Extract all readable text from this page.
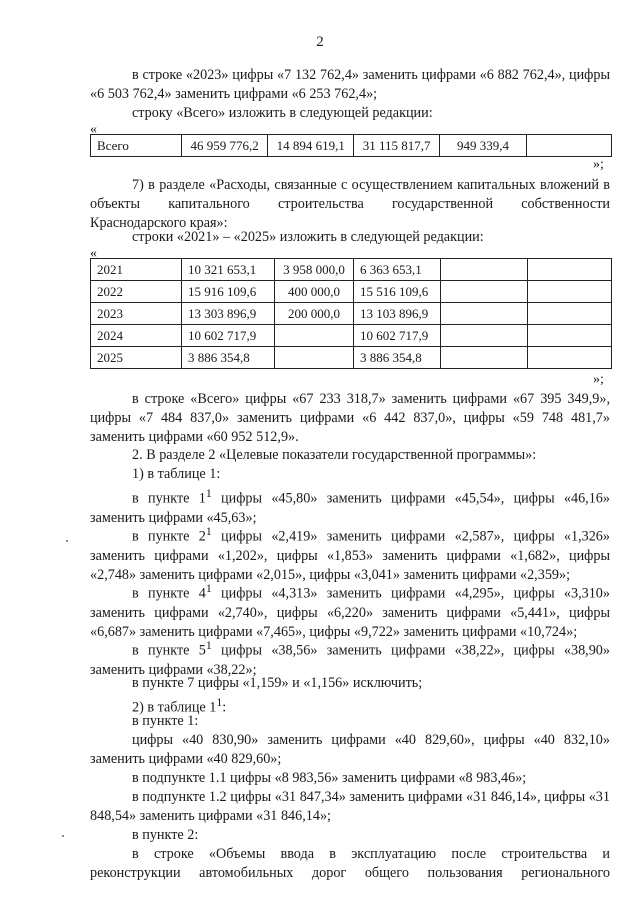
2

в строке «2023» цифры «7 132 762,4» заменить цифрами «6 882 762,4», цифры «6 503 762,4» заменить цифрами «6 253 762,4»;

строку «Всего» изложить в следующей редакции:

«
Всего	46 959 776,2	14 894 619,1	31 115 817,7	949 339,4	
»;

7) в разделе «Расходы, связанные с осуществлением капитальных вложений в объекты капитального строительства государственной собственности Краснодарского края»:

строки «2021» – «2025» изложить в следующей редакции:

«
2021	10 321 653,1	3 958 000,0	6 363 653,1		
2022	15 916 109,6	400 000,0	15 516 109,6		
2023	13 303 896,9	200 000,0	13 103 896,9		
2024	10 602 717,9		10 602 717,9		
2025	3 886 354,8		3 886 354,8		
»;

в строке «Всего» цифры «67 233 318,7» заменить цифрами «67 395 349,9», цифры «7 484 837,0» заменить цифрами «6 442 837,0», цифры «59 748 481,7» заменить цифрами «60 952 512,9».

2. В разделе 2 «Целевые показатели государственной программы»:

1) в таблице 1:

в пункте $1^1$ цифры «45,80» заменить цифрами «45,54», цифры «46,16» заменить цифрами «45,63»;

в пункте $2^1$ цифры «2,419» заменить цифрами «2,587», цифры «1,326» заменить цифрами «1,202», цифры «1,853» заменить цифрами «1,682», цифры «2,748» заменить цифрами «2,015», цифры «3,041» заменить цифрами «2,359»;

в пункте $4^1$ цифры «4,313» заменить цифрами «4,295», цифры «3,310» заменить цифрами «2,740», цифры «6,220» заменить цифрами «5,441», цифры «6,687» заменить цифрами «7,465», цифры «9,722» заменить цифрами «10,724»;

в пункте $5^1$ цифры «38,56» заменить цифрами «38,22», цифры «38,90» заменить цифрами «38,22»;

в пункте 7 цифры «1,159» и «1,156» исключить;

2) в таблице $1^1$:

в пункте 1:

цифры «40 830,90» заменить цифрами «40 829,60», цифры «40 832,10» заменить цифрами «40 829,60»;

в подпункте 1.1 цифры «8 983,56» заменить цифрами «8 983,46»;

в подпункте 1.2 цифры «31 847,34» заменить цифрами «31 846,14», цифры «31 848,54» заменить цифрами «31 846,14»;

в пункте 2:

в строке «Объемы ввода в эксплуатацию после строительства и реконструкции автомобильных дорог общего пользования регионального
